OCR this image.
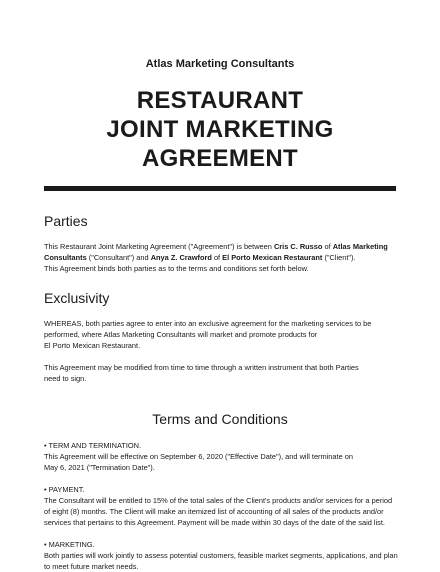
Atlas Marketing Consultants
RESTAURANT
JOINT MARKETING
AGREEMENT
Parties

This Restaurant Joint Marketing Agreement ("Agreement") is between Cris C. Russo of Atlas Marketing
Consultants ("Consultant") and Anya Z. Crawford of El Porto Mexican Restaurant ("Client").
This Agreement binds both parties as to the terms and conditions set forth below.

Exclusivity

WHEREAS, both parties agree to enter into an exclusive agreement for the marketing services to be
performed, where Atlas Marketing Consultants will market and promote products for
El Porto Mexican Restaurant.

This Agreement may be modified from time to time through a written instrument that both Parties
need to sign.

Terms and Conditions

• TERM AND TERMINATION.
This Agreement will be effective on September 6, 2020 ("Effective Date"), and will terminate on
May 6, 2021 ("Termination Date").

• PAYMENT.
The Consultant will be entitled to 15% of the total sales of the Client's products and/or services for a period
of eight (8) months. The Client will make an itemized list of accounting of all sales of the products and/or
services that pertains to this Agreement. Payment will be made within 30 days of the date of the said list.

• MARKETING.
Both parties will work jointly to assess potential customers, feasible market segments, applications, and plan
to meet future market needs.
